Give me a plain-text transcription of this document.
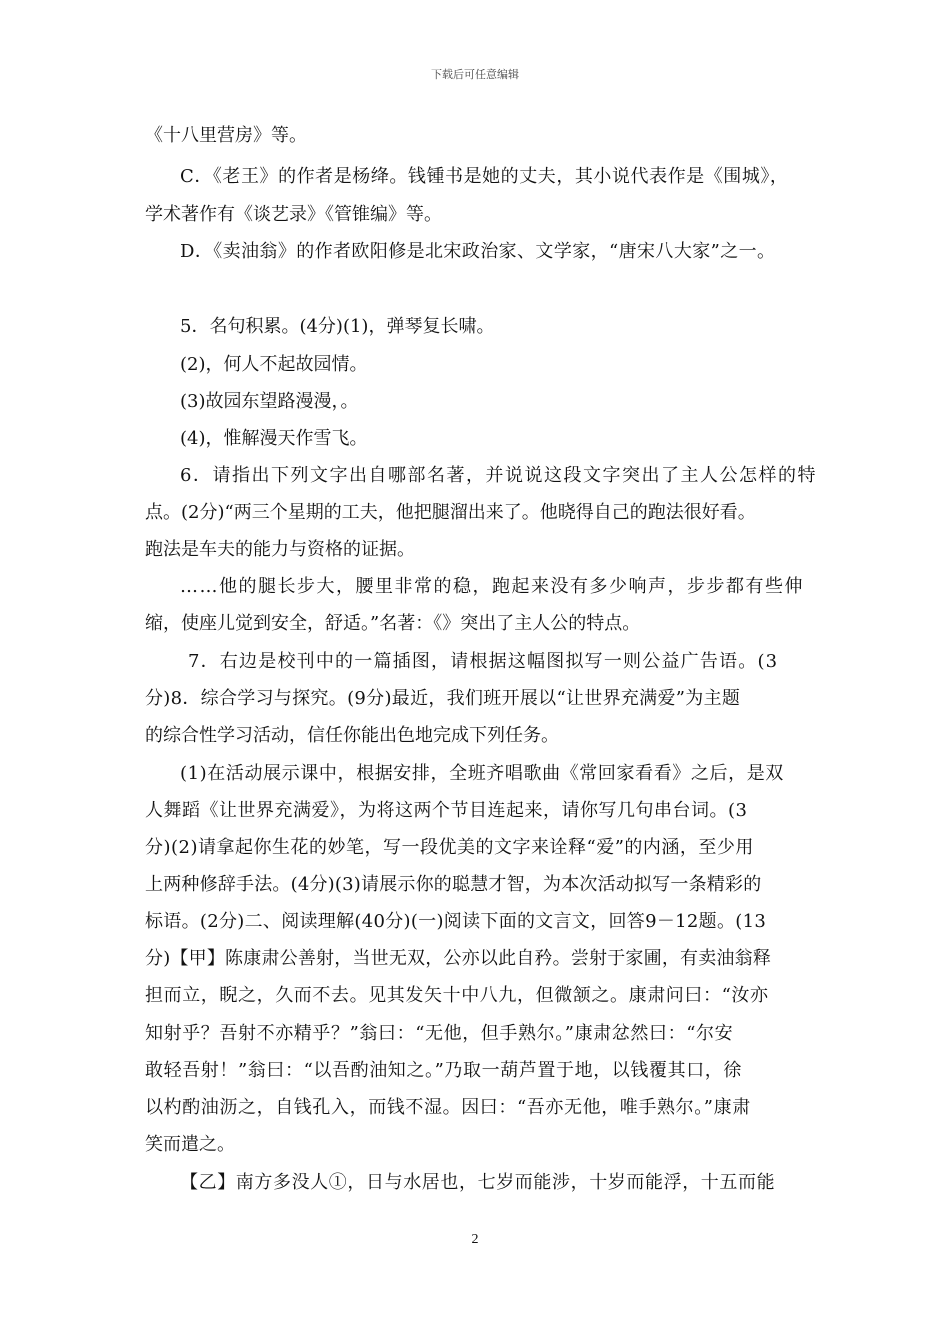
下载后可任意编辑
《十八里营房》等。
C．《老王》的作者是杨绛。钱锺书是她的丈夫，其小说代表作是《围城》，
学术著作有《谈艺录》《管锥编》等。
D．《卖油翁》的作者欧阳修是北宋政治家、文学家，“唐宋八大家”之一。
5．名句积累。(4分)(1)，弹琴复长啸。
(2)，何人不起故园情。
(3)故园东望路漫漫，。
(4)，惟解漫天作雪飞。
6．请指出下列文字出自哪部名著，并说说这段文字突出了主人公怎样的特
点。(2分)“两三个星期的工夫，他把腿溜出来了。他晓得自己的跑法很好看。
跑法是车夫的能力与资格的证据。
……他的腿长步大，腰里非常的稳，跑起来没有多少响声，步步都有些伸
缩，使座儿觉到安全，舒适。”名著：《》突出了主人公的特点。
7．右边是校刊中的一篇插图，请根据这幅图拟写一则公益广告语。(3
分)8．综合学习与探究。(9分)最近，我们班开展以“让世界充满爱”为主题
的综合性学习活动，信任你能出色地完成下列任务。
(1)在活动展示课中，根据安排，全班齐唱歌曲《常回家看看》之后，是双
人舞蹈《让世界充满爱》，为将这两个节目连起来，请你写几句串台词。(3
分)(2)请拿起你生花的妙笔，写一段优美的文字来诠释“爱”的内涵，至少用
上两种修辞手法。(4分)(3)请展示你的聪慧才智，为本次活动拟写一条精彩的
标语。(2分)二、阅读理解(40分)(一)阅读下面的文言文，回答9－12题。(13
分)【甲】陈康肃公善射，当世无双，公亦以此自矜。尝射于家圃，有卖油翁释
担而立，睨之，久而不去。见其发矢十中八九，但微颔之。康肃问曰：“汝亦
知射乎？吾射不亦精乎？”翁曰：“无他，但手熟尔。”康肃忿然曰：“尔安
敢轻吾射！”翁曰：“以吾酌油知之。”乃取一葫芦置于地，以钱覆其口，徐
以杓酌油沥之，自钱孔入，而钱不湿。因曰：“吾亦无他，唯手熟尔。”康肃
笑而遣之。
【乙】南方多没人①，日与水居也，七岁而能涉，十岁而能浮，十五而能
2
